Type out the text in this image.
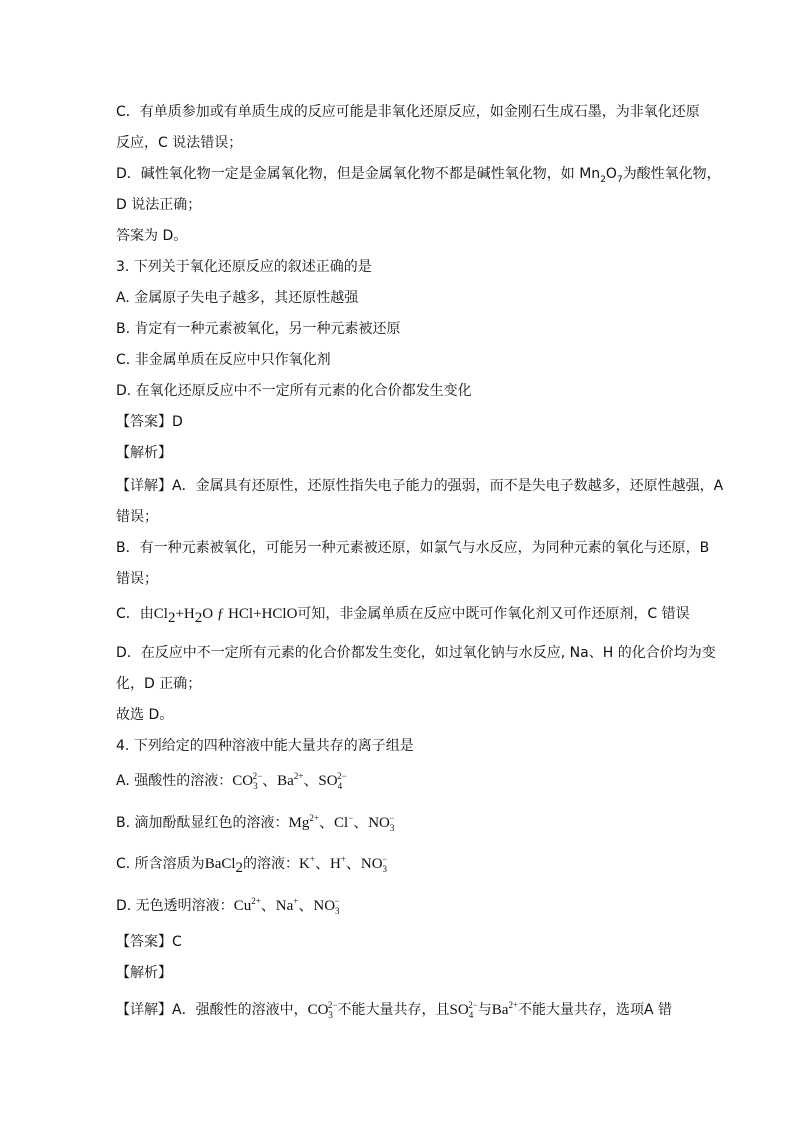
C．有单质参加或有单质生成的反应可能是非氧化还原反应，如金刚石生成石墨，为非氧化还原
反应，C 说法错误；
D．碱性氧化物一定是金属氧化物，但是金属氧化物不都是碱性氧化物，如 $Mn_2O_7$为酸性氧化物，
D 说法正确；
答案为 D。
3. 下列关于氧化还原反应的叙述正确的是
A. 金属原子失电子越多，其还原性越强
B. 肯定有一种元素被氧化，另一种元素被还原
C. 非金属单质在反应中只作氧化剂
D. 在氧化还原反应中不一定所有元素的化合价都发生变化
【答案】D
【解析】
【详解】A．金属具有还原性，还原性指失电子能力的强弱，而不是失电子数越多，还原性越强，A
错误；
B．有一种元素被氧化，可能另一种元素被还原，如氯气与水反应，为同种元素的氧化与还原，B
错误；
C．由$Cl_2+H_2O$ ƒ HCl+HClO可知，非金属单质在反应中既可作氧化剂又可作还原剂，C 错误
D．在反应中不一定所有元素的化合价都发生变化，如过氧化钠与水反应, Na、H 的化合价均为变
化，D 正确；
故选 D。
4. 下列给定的四种溶液中能大量共存的离子组是
A. 强酸性的溶液：$CO_3^{2-}$、$Ba^{2+}$、$SO_4^{2-}$
B. 滴加酚酞显红色的溶液：$Mg^{2+}$、Cl−、$NO_3^-$
C. 所含溶质为BaCl$_2$的溶液：K+、H+、$NO_3^-$
D. 无色透明溶液：$Cu^{2+}$、Na+、$NO_3^-$
【答案】C
【解析】
【详解】A．强酸性的溶液中，$CO_3^{2-}$不能大量共存，且$SO_4^{2-}$与$Ba^{2+}$不能大量共存，选项A 错
